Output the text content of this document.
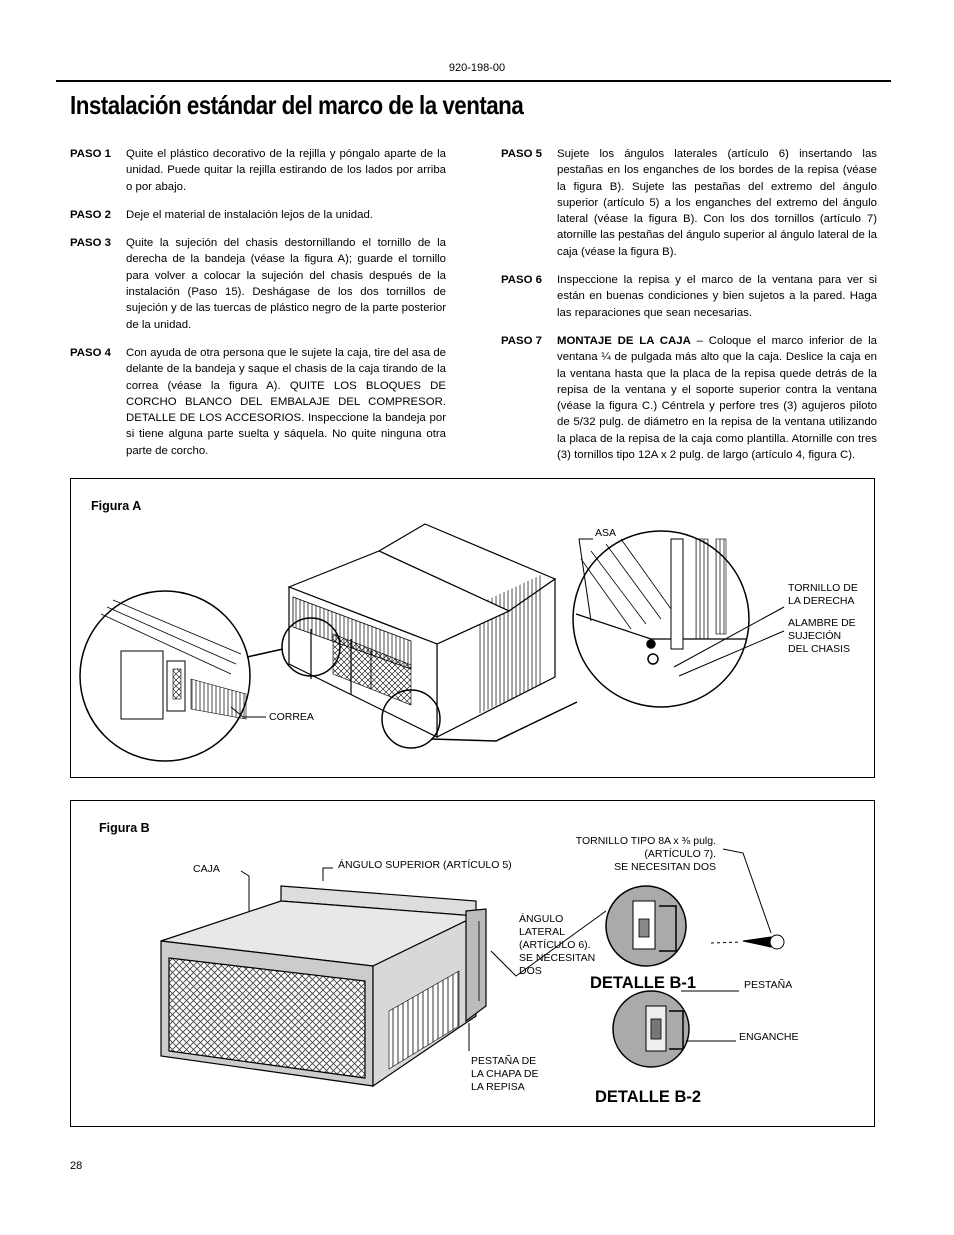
920-198-00
Instalación estándar del marco de la ventana
PASO 1	Quite el plástico decorativo de la rejilla y póngalo aparte de la unidad. Puede quitar la rejilla estirando de los lados por arriba o por abajo.
PASO 2	Deje el material de instalación lejos de la unidad.
PASO 3	Quite la sujeción del chasis destornillando el tornillo de la derecha de la bandeja (véase la figura A); guarde el tornillo para volver a colocar la sujeción del chasis después de la instalación (Paso 15). Deshágase de los dos tornillos de sujeción y de las tuercas de plástico negro de la parte posterior de la unidad.
PASO 4	Con ayuda de otra persona que le sujete la caja, tire del asa de delante de la bandeja y saque el chasis de la caja tirando de la correa (véase la figura A). QUITE LOS BLOQUES DE CORCHO BLANCO DEL EMBALAJE DEL COMPRESOR. DETALLE DE LOS ACCESORIOS. Inspeccione la bandeja por si tiene alguna parte suelta y sáquela. No quite ninguna otra parte de corcho.
PASO 5	Sujete los ángulos laterales (artículo 6) insertando las pestañas en los enganches de los bordes de la repisa (véase la figura B). Sujete las pestañas del extremo del ángulo superior (artículo 5) a los enganches del extremo del ángulo lateral (véase la figura B). Con los dos tornillos (artículo 7) atornille las pestañas del ángulo superior al ángulo lateral de la caja (véase la figura B).
PASO 6	Inspeccione la repisa y el marco de la ventana para ver si están en buenas condiciones y bien sujetos a la pared. Haga las reparaciones que sean necesarias.
PASO 7	MONTAJE DE LA CAJA – Coloque el marco inferior de la ventana ¼ de pulgada más alto que la caja. Deslice la caja en la ventana hasta que la placa de la repisa quede detrás de la repisa de la ventana y el soporte superior contra la ventana (véase la figura C.) Céntrela y perfore tres (3) agujeros piloto de 5/32 pulg. de diámetro en la repisa de la ventana utilizando la placa de la repisa de la caja como plantilla. Atornille con tres (3) tornillos tipo 12A x 2 pulg. de largo (artículo 4, figura C).
Figura A
ASA
TORNILLO DE
LA DERECHA
ALAMBRE DE
SUJECIÓN
DEL CHASIS
CORREA
Figura B
CAJA	ÁNGULO SUPERIOR (ARTÍCULO 5)
TORNILLO TIPO 8A x ⅜ pulg.
(ARTÍCULO 7).
SE NECESITAN DOS
ÁNGULO
LATERAL
(ARTÍCULO 6).
SE NECESITAN
DOS
DETALLE B-1	PESTAÑA
ENGANCHE
PESTAÑA DE
LA CHAPA DE
LA REPISA
DETALLE B-2
28
